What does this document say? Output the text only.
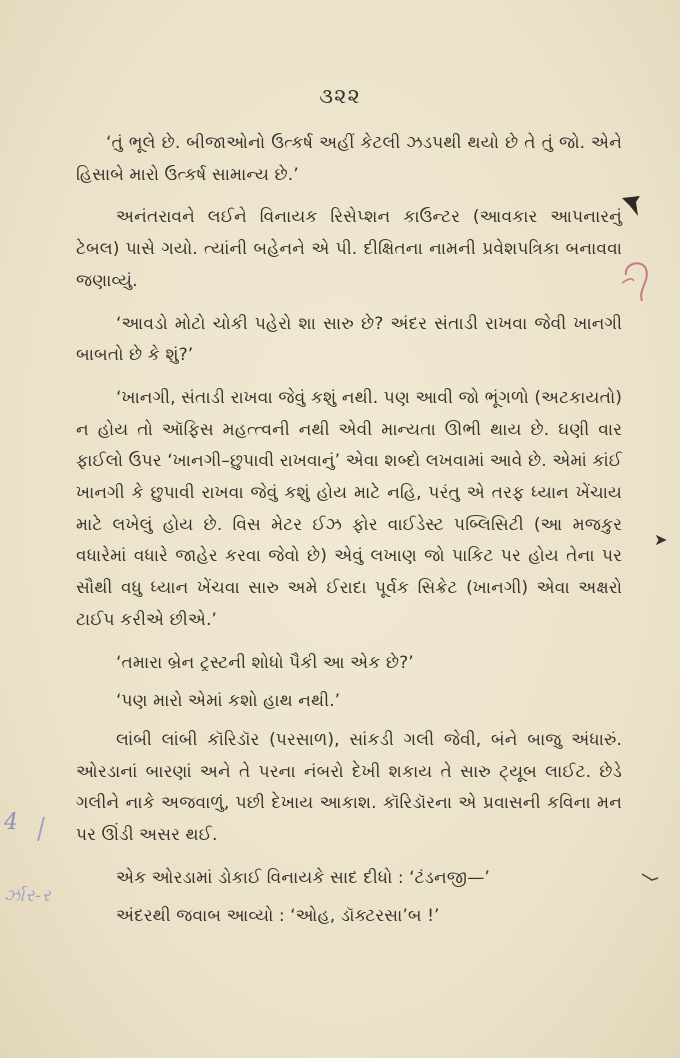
૩૨૨

‘તું ભૂલે છે. બીજાઓનો ઉત્કર્ષ અહીં કેટલી ઝડપથી થયો છે તે તું જો. એને હિસાબે મારો ઉત્કર્ષ સામાન્ય છે.’

અનંતરાવને લઈને વિનાયક રિસેપ્શન કાઉન્ટર (આવકાર આપનારનું ટેબલ) પાસે ગયો. ત્યાંની બહેનને એ પી. દીક્ષિતના નામની પ્રવેશપત્રિકા બનાવવા જણાવ્યું.

‘આવડો મોટો ચોકી પહેરો શા સારુ છે? અંદર સંતાડી રાખવા જેવી ખાનગી બાબતો છે કે શું?’

‘ખાનગી, સંતાડી રાખવા જેવું કશું નથી. પણ આવી જો ભૂંગળો (અટકાયતો) ન હોય તો ઑફિસ મહત્ત્વની નથી એવી માન્યતા ઊભી થાય છે. ઘણી વાર ફાઈલો ઉપર ‘ખાનગી–છુપાવી રાખવાનું’ એવા શબ્દો લખવામાં આવે છે. એમાં કાંઈ ખાનગી કે છુપાવી રાખવા જેવું કશું હોય માટે નહિ, પરંતુ એ તરફ ધ્યાન ખેંચાય માટે લખેલું હોય છે. વિસ મેટર ઈઝ ફોર વાઈડેસ્ટ પબ્લિસિટી (આ મજકુર વધારેમાં વધારે જાહેર કરવા જેવો છે) એવું લખાણ જો પાકિટ પર હોય તેના પર સૌથી વધુ ધ્યાન ખેંચવા સારુ અમે ઈરાદા પૂર્વક સિક્રેટ (ખાનગી) એવા અક્ષરો ટાઈપ કરીએ છીએ.’

‘તમારા બ્રેન ટ્રસ્ટની શોધો પૈકી આ એક છે?’

‘પણ મારો એમાં કશો હાથ નથી.’

લાંબી લાંબી કૉરિડૉર (પરસાળ), સાંકડી ગલી જેવી, બંને બાજુ અંધારું. ઓરડાનાં બારણાં અને તે પરના નંબરો દેખી શકાય તે સારુ ટ્યૂબ લાઈટ. છેડે ગલીને નાકે અજવાળું, પછી દેખાય આકાશ. કૉરિડૉરના એ પ્રવાસની કવિના મન પર ઊંડી અસર થઈ.

એક ઓરડામાં ડોકાઈ વિનાયકે સાદ દીધો : ‘ટંડનજી—’

અંદરથી જવાબ આવ્યો : ‘ઓહ, ડૉક્ટરસા’બ !’

➤
4
ર્ઝાર-ર
